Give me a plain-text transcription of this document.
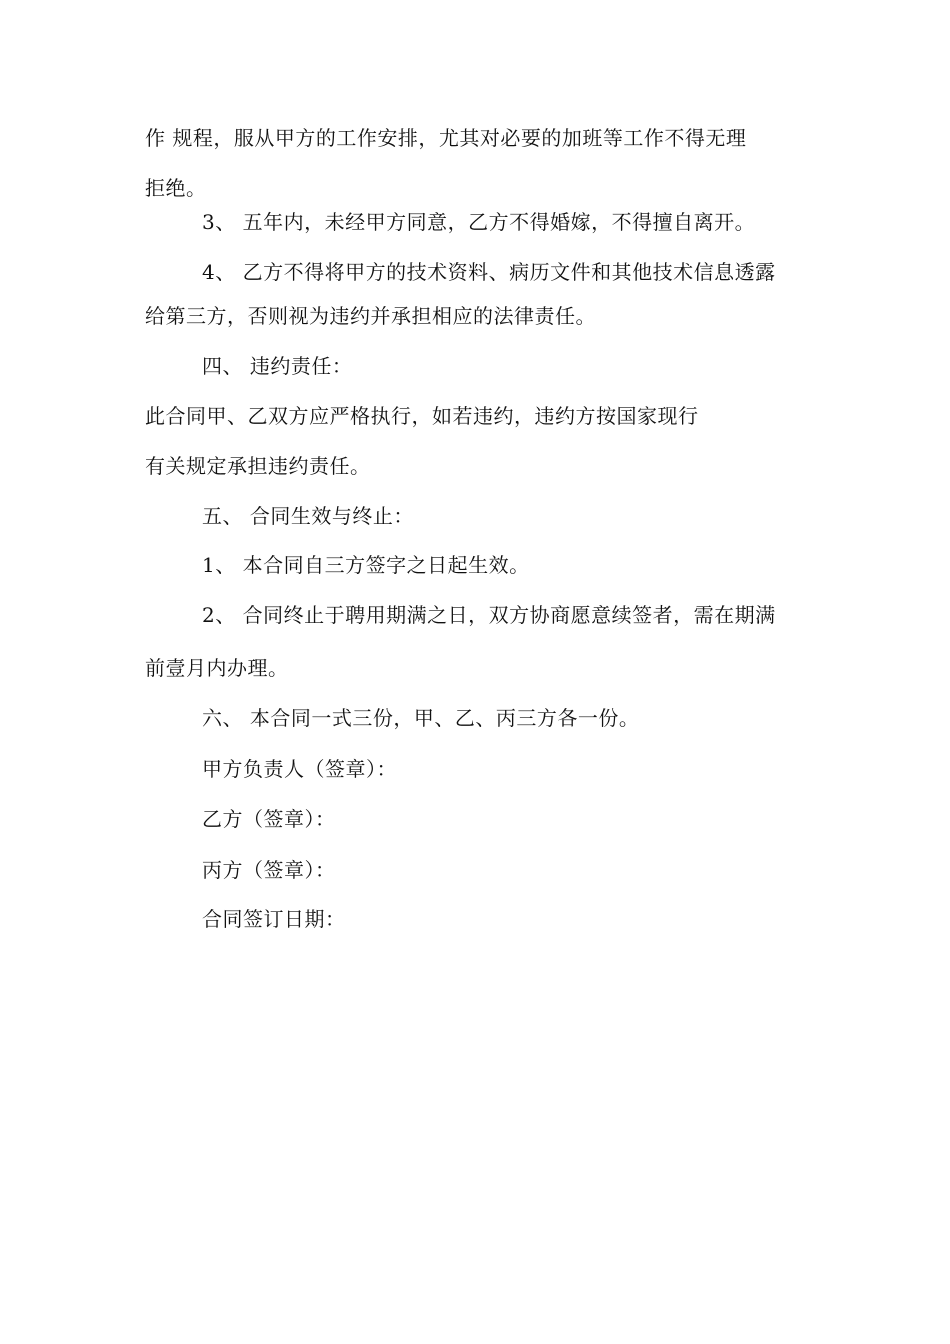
作 规程，服从甲方的工作安排，尤其对必要的加班等工作不得无理
拒绝。
3、 五年内，未经甲方同意，乙方不得婚嫁，不得擅自离开。
4、 乙方不得将甲方的技术资料、病历文件和其他技术信息透露
给第三方，否则视为违约并承担相应的法律责任。
四、 违约责任：
此合同甲、乙双方应严格执行，如若违约，违约方按国家现行
有关规定承担违约责任。
五、 合同生效与终止：
1、 本合同自三方签字之日起生效。
2、 合同终止于聘用期满之日，双方协商愿意续签者，需在期满
前壹月内办理。
六、 本合同一式三份，甲、乙、丙三方各一份。
甲方负责人（签章）：
乙方（签章）：
丙方（签章）：
合同签订日期：
